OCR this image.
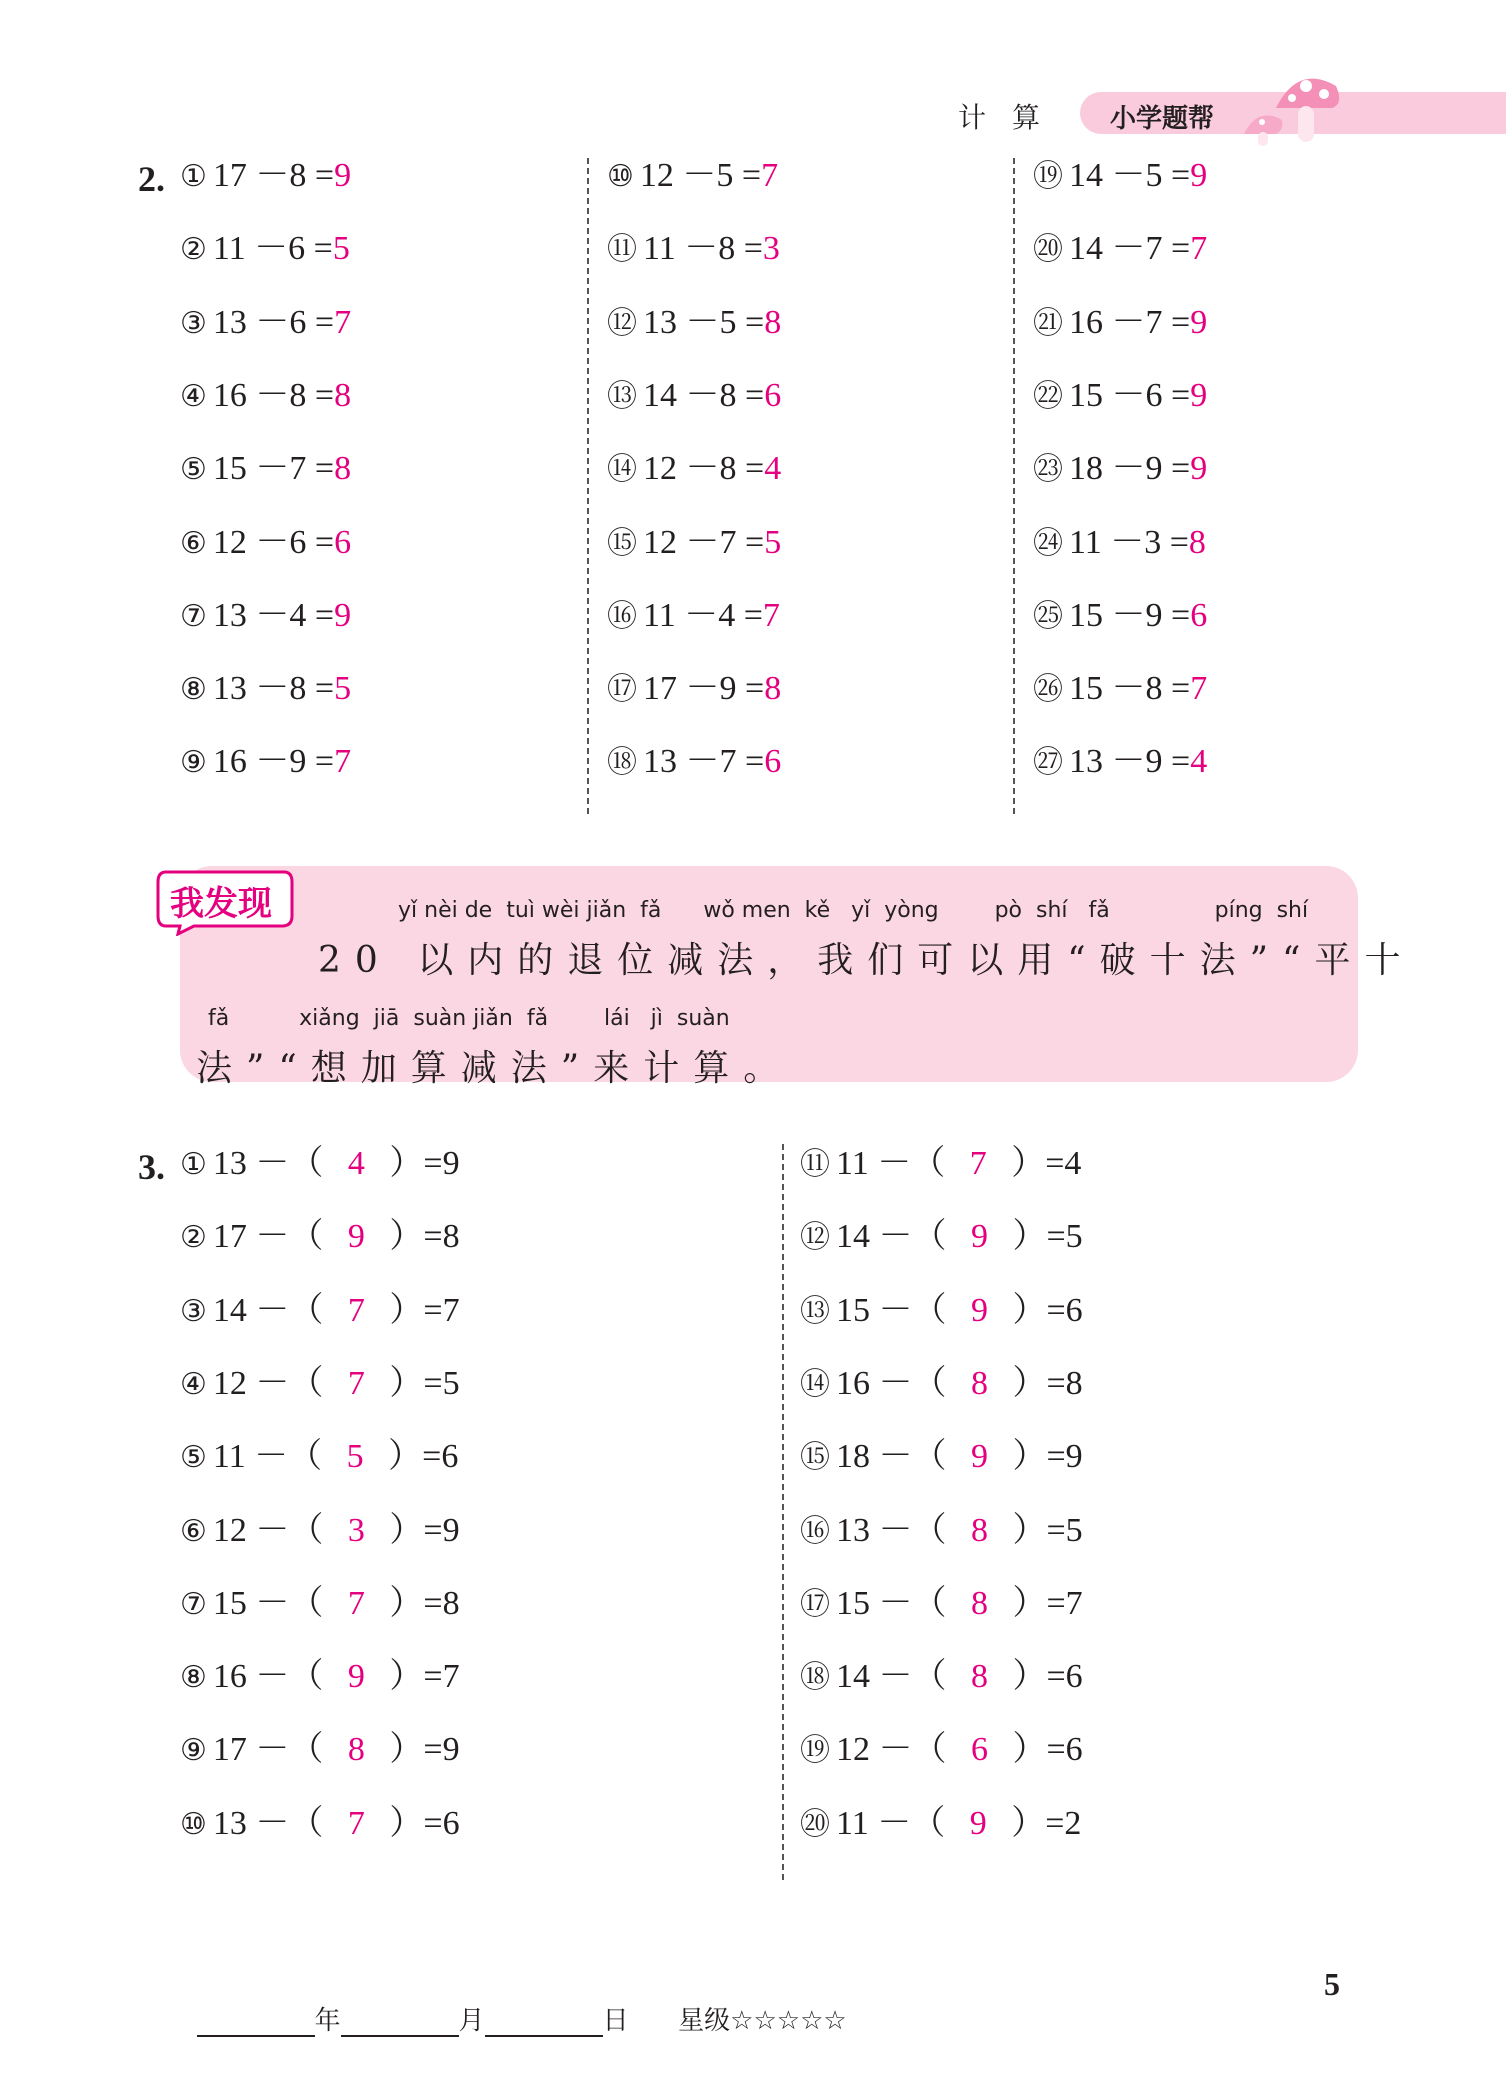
计算 小学题帮
2. ① 17 －8 =9
② 11 －6 =5
③ 13 －6 =7
④ 16 －8 =8
⑤ 15 －7 =8
⑥ 12 －6 =6
⑦ 13 －4 =9
⑧ 13 －8 =5
⑨ 16 －9 =7
⑩ 12 －5 =7
⑪ 11 －8 =3
⑫ 13 －5 =8
⑬ 14 －8 =6
⑭ 12 －8 =4
⑮ 12 －7 =5
⑯ 11 －4 =7
⑰ 17 －9 =8
⑱ 13 －7 =6
⑲ 14 －5 =9
⑳ 14 －7 =7
㉑ 16 －7 =9
㉒ 15 －6 =9
㉓ 18 －9 =9
㉔ 11 －3 =8
㉕ 15 －9 =6
㉖ 15 －8 =7
㉗ 13 －9 =4
我发现	yǐ nèi de  tuì wèi jiǎn  fǎ      wǒ men  kě   yǐ  yòng        pò  shí   fǎ               píng  shí
20 以内的退位减法，我们可以用“破十法”“平十
fǎ          xiǎng  jiā  suàn jiǎn  fǎ        lái   jì  suàn
法”“想加算减法”来计算。
3. ① 13 －（ 4 ）=9
② 17 －（ 9 ）=8
③ 14 －（ 7 ）=7
④ 12 －（ 7 ）=5
⑤ 11 －（ 5 ）=6
⑥ 12 －（ 3 ）=9
⑦ 15 －（ 7 ）=8
⑧ 16 －（ 9 ）=7
⑨ 17 －（ 8 ）=9
⑩ 13 －（ 7 ）=6
⑪ 11 －（ 7 ）=4
⑫ 14 －（ 9 ）=5
⑬ 15 －（ 9 ）=6
⑭ 16 －（ 8 ）=8
⑮ 18 －（ 9 ）=9
⑯ 13 －（ 8 ）=5
⑰ 15 －（ 8 ）=7
⑱ 14 －（ 8 ）=6
⑲ 12 －（ 6 ）=6
⑳ 11 －（ 9 ）=2

年	月	日 星级☆☆☆☆☆

5
